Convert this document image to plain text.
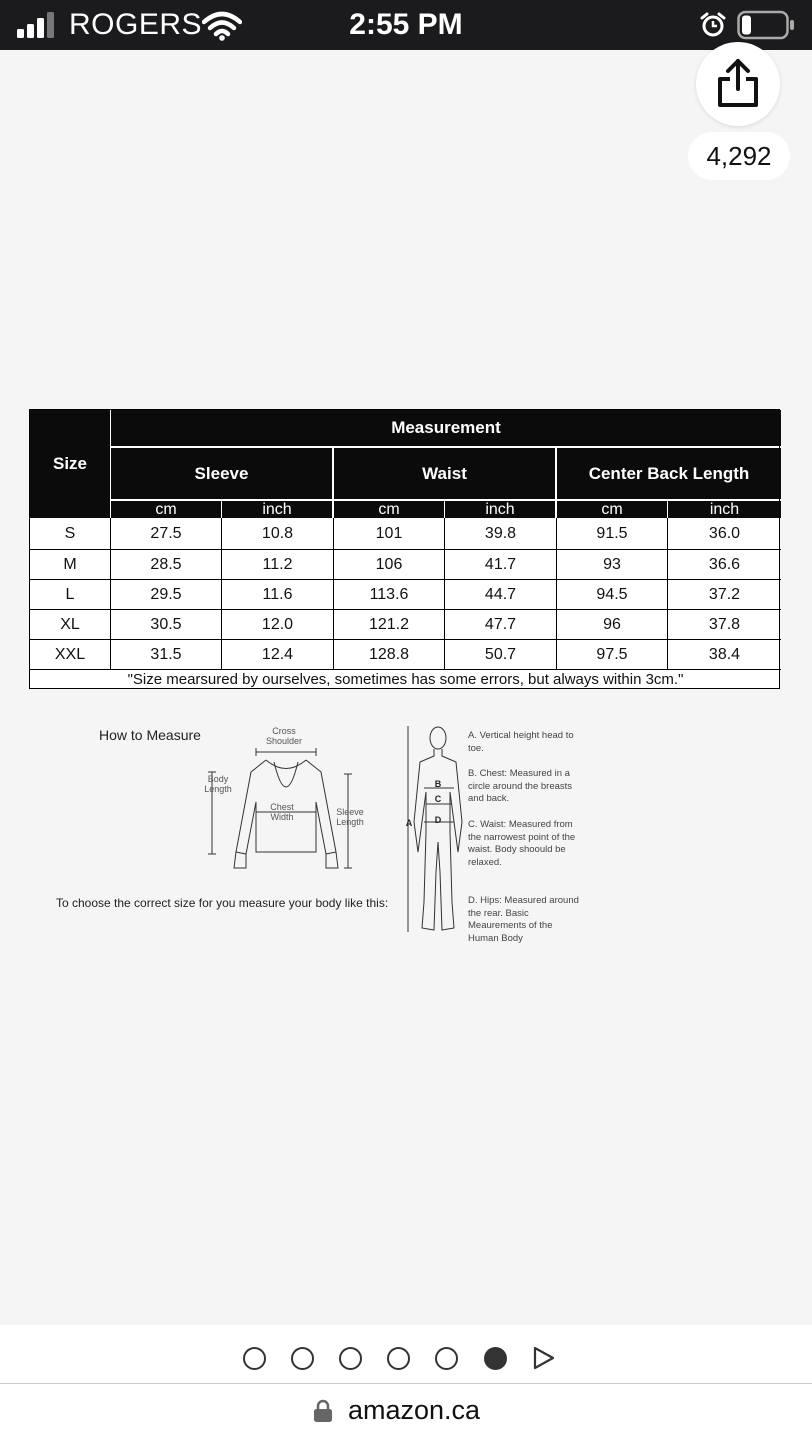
ROGERS	2:55 PM
4,292
Size
Measurement
Sleeve	Waist	Center Back Length
cm	inch	cm	inch	cm	inch
S	27.5	10.8	101	39.8	91.5	36.0
M	28.5	11.2	106	41.7	93	36.6
L	29.5	11.6	113.6	44.7	94.5	37.2
XL	30.5	12.0	121.2	47.7	96	37.8
XXL	31.5	12.4	128.8	50.7	97.5	38.4
"Size mearsured by ourselves, sometimes has some errors, but always within 3cm."
How to Measure	Cross Shoulder
Body Length
Chest Width	Sleeve Length	A
B
C
D
A. Vertical height head to toe.
B. Chest: Measured in a circle around the breasts and back.
C. Waist: Measured from the narrowest point of the waist. Body shoould be relaxed.
D. Hips: Measured around the rear. Basic Meaurements of the Human Body
To choose the correct size for you measure your body like this:
amazon.ca
